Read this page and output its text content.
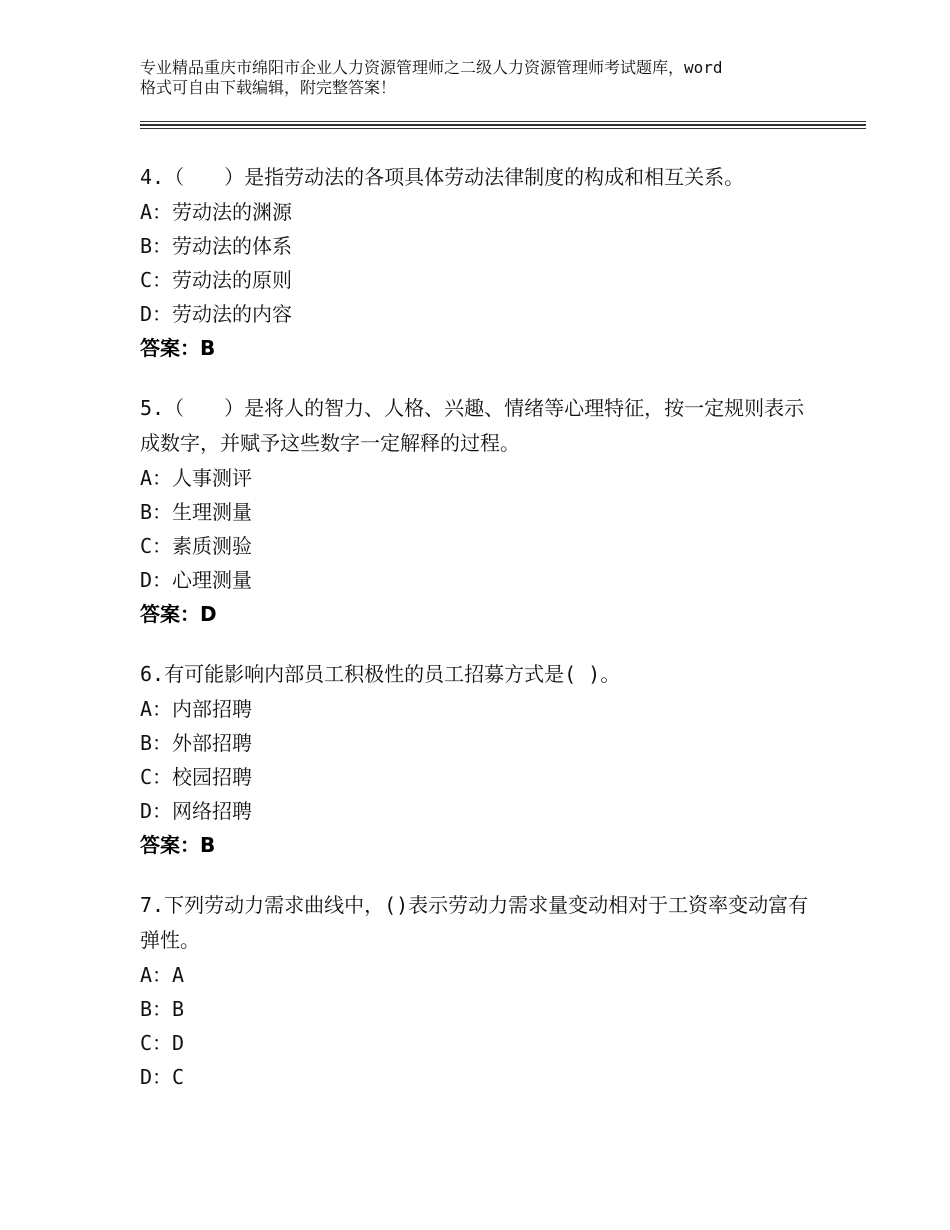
专业精品重庆市绵阳市企业人力资源管理师之二级人力资源管理师考试题库，word
格式可自由下载编辑，附完整答案！

4.（　　）是指劳动法的各项具体劳动法律制度的构成和相互关系。

A：劳动法的渊源

B：劳动法的体系

C：劳动法的原则

D：劳动法的内容

答案：B

5.（　　）是将人的智力、人格、兴趣、情绪等心理特征，按一定规则表示成数字，并赋予这些数字一定解释的过程。

A：人事测评

B：生理测量

C：素质测验

D：心理测量

答案：D

6.有可能影响内部员工积极性的员工招募方式是( )。

A：内部招聘

B：外部招聘

C：校园招聘

D：网络招聘

答案：B

7.下列劳动力需求曲线中，()表示劳动力需求量变动相对于工资率变动富有弹性。

A：A

B：B

C：D

D：C
